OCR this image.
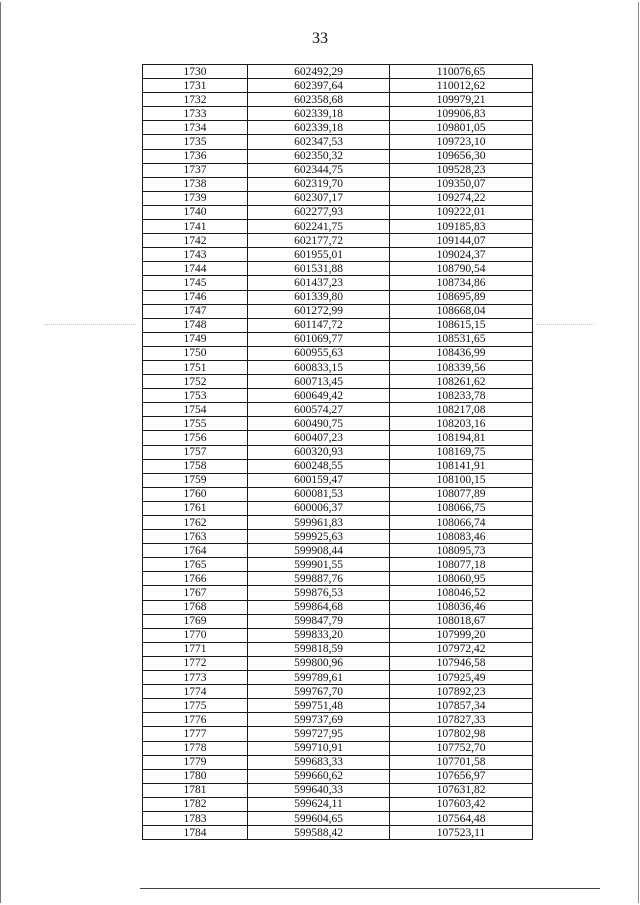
33
1730	602492,29	110076,65
1731	602397,64	110012,62
1732	602358,68	109979,21
1733	602339,18	109906,83
1734	602339,18	109801,05
1735	602347,53	109723,10
1736	602350,32	109656,30
1737	602344,75	109528,23
1738	602319,70	109350,07
1739	602307,17	109274,22
1740	602277,93	109222,01
1741	602241,75	109185,83
1742	602177,72	109144,07
1743	601955,01	109024,37
1744	601531,88	108790,54
1745	601437,23	108734,86
1746	601339,80	108695,89
1747	601272,99	108668,04
1748	601147,72	108615,15
1749	601069,77	108531,65
1750	600955,63	108436,99
1751	600833,15	108339,56
1752	600713,45	108261,62
1753	600649,42	108233,78
1754	600574,27	108217,08
1755	600490,75	108203,16
1756	600407,23	108194,81
1757	600320,93	108169,75
1758	600248,55	108141,91
1759	600159,47	108100,15
1760	600081,53	108077,89
1761	600006,37	108066,75
1762	599961,83	108066,74
1763	599925,63	108083,46
1764	599908,44	108095,73
1765	599901,55	108077,18
1766	599887,76	108060,95
1767	599876,53	108046,52
1768	599864,68	108036,46
1769	599847,79	108018,67
1770	599833,20	107999,20
1771	599818,59	107972,42
1772	599800,96	107946,58
1773	599789,61	107925,49
1774	599767,70	107892,23
1775	599751,48	107857,34
1776	599737,69	107827,33
1777	599727,95	107802,98
1778	599710,91	107752,70
1779	599683,33	107701,58
1780	599660,62	107656,97
1781	599640,33	107631,82
1782	599624,11	107603,42
1783	599604,65	107564,48
1784	599588,42	107523,11
